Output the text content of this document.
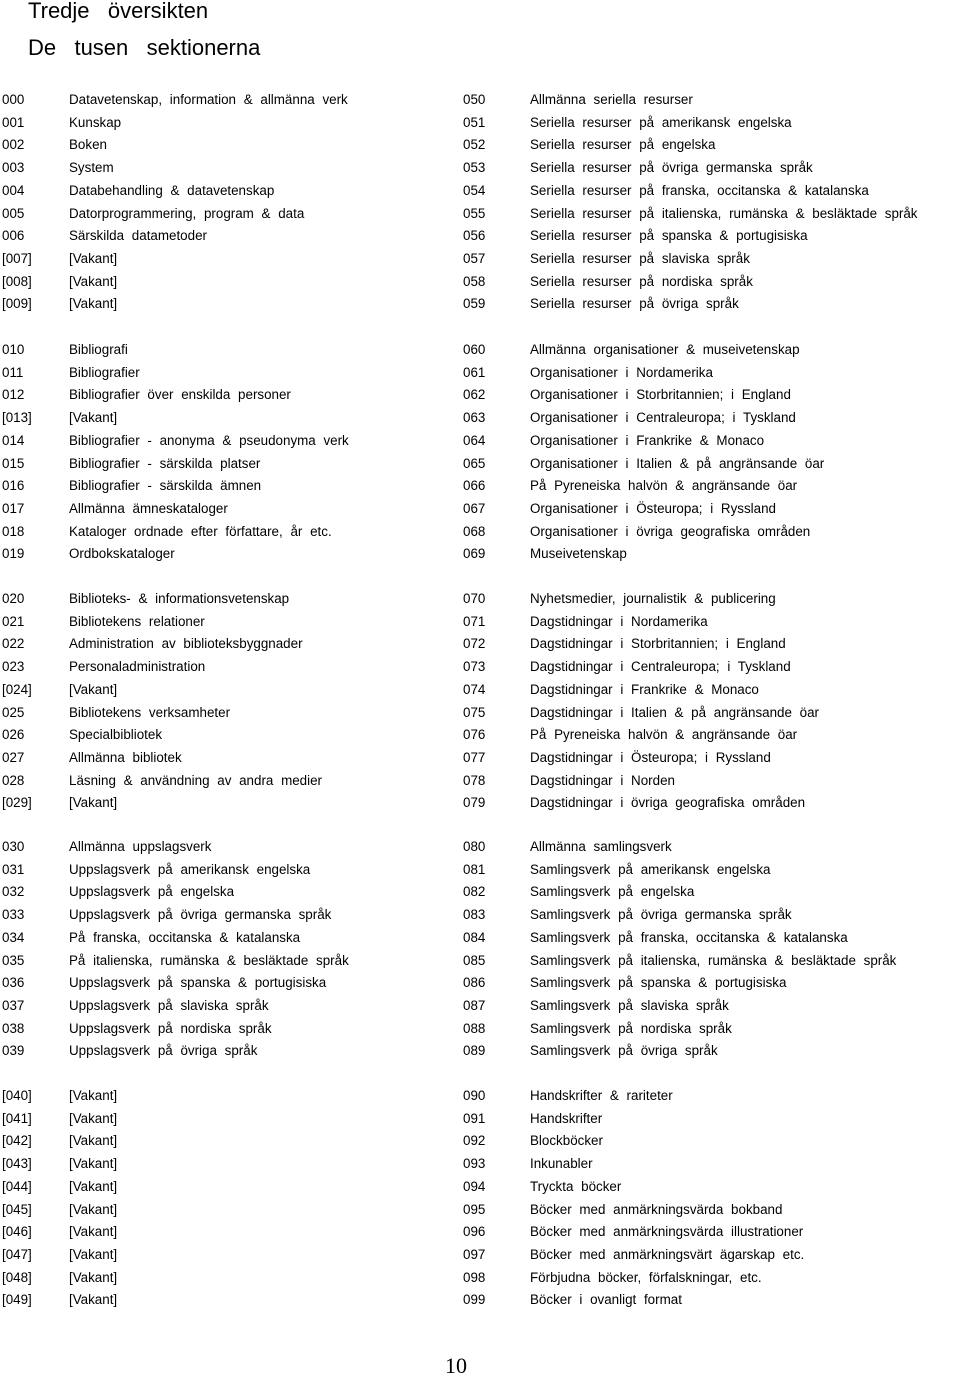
Tredje   översikten
De   tusen   sektionerna
000	Datavetenskap, information & allmänna verk
001	Kunskap
002	Boken
003	System
004	Databehandling & datavetenskap
005	Datorprogrammering, program & data
006	Särskilda datametoder
[007]	[Vakant]
[008]	[Vakant]
[009]	[Vakant]
010	Bibliografi
011	Bibliografier
012	Bibliografier över enskilda personer
[013]	[Vakant]
014	Bibliografier - anonyma & pseudonyma verk
015	Bibliografier - särskilda platser
016	Bibliografier - särskilda ämnen
017	Allmänna ämneskataloger
018	Kataloger ordnade efter författare, år etc.
019	Ordbokskataloger
020	Biblioteks- & informationsvetenskap
021	Bibliotekens relationer
022	Administration av biblioteksbyggnader
023	Personaladministration
[024]	[Vakant]
025	Bibliotekens verksamheter
026	Specialbibliotek
027	Allmänna bibliotek
028	Läsning & användning av andra medier
[029]	[Vakant]
030	Allmänna uppslagsverk
031	Uppslagsverk på amerikansk engelska
032	Uppslagsverk på engelska
033	Uppslagsverk på övriga germanska språk
034	På franska, occitanska & katalanska
035	På italienska, rumänska & besläktade språk
036	Uppslagsverk på spanska & portugisiska
037	Uppslagsverk på slaviska språk
038	Uppslagsverk på nordiska språk
039	Uppslagsverk på övriga språk
[040]	[Vakant]
[041]	[Vakant]
[042]	[Vakant]
[043]	[Vakant]
[044]	[Vakant]
[045]	[Vakant]
[046]	[Vakant]
[047]	[Vakant]
[048]	[Vakant]
[049]	[Vakant]
050	Allmänna seriella resurser
051	Seriella resurser på amerikansk engelska
052	Seriella resurser på engelska
053	Seriella resurser på övriga germanska språk
054	Seriella resurser på franska, occitanska & katalanska
055	Seriella resurser på italienska, rumänska & besläktade språk
056	Seriella resurser på spanska & portugisiska
057	Seriella resurser på slaviska språk
058	Seriella resurser på nordiska språk
059	Seriella resurser på övriga språk
060	Allmänna organisationer & museivetenskap
061	Organisationer i Nordamerika
062	Organisationer i Storbritannien; i England
063	Organisationer i Centraleuropa; i Tyskland
064	Organisationer i Frankrike & Monaco
065	Organisationer i Italien & på angränsande öar
066	På Pyreneiska halvön & angränsande öar
067	Organisationer i Östeuropa; i Ryssland
068	Organisationer i övriga geografiska områden
069	Museivetenskap
070	Nyhetsmedier, journalistik & publicering
071	Dagstidningar i Nordamerika
072	Dagstidningar i Storbritannien; i England
073	Dagstidningar i Centraleuropa; i Tyskland
074	Dagstidningar i Frankrike & Monaco
075	Dagstidningar i Italien & på angränsande öar
076	På Pyreneiska halvön & angränsande öar
077	Dagstidningar i Östeuropa; i Ryssland
078	Dagstidningar i Norden
079	Dagstidningar i övriga geografiska områden
080	Allmänna samlingsverk
081	Samlingsverk på amerikansk engelska
082	Samlingsverk på engelska
083	Samlingsverk på övriga germanska språk
084	Samlingsverk på franska, occitanska & katalanska
085	Samlingsverk på italienska, rumänska & besläktade språk
086	Samlingsverk på spanska & portugisiska
087	Samlingsverk på slaviska språk
088	Samlingsverk på nordiska språk
089	Samlingsverk på övriga språk
090	Handskrifter & rariteter
091	Handskrifter
092	Blockböcker
093	Inkunabler
094	Tryckta böcker
095	Böcker med anmärkningsvärda bokband
096	Böcker med anmärkningsvärda illustrationer
097	Böcker med anmärkningsvärt ägarskap etc.
098	Förbjudna böcker, förfalskningar, etc.
099	Böcker i ovanligt format
10
